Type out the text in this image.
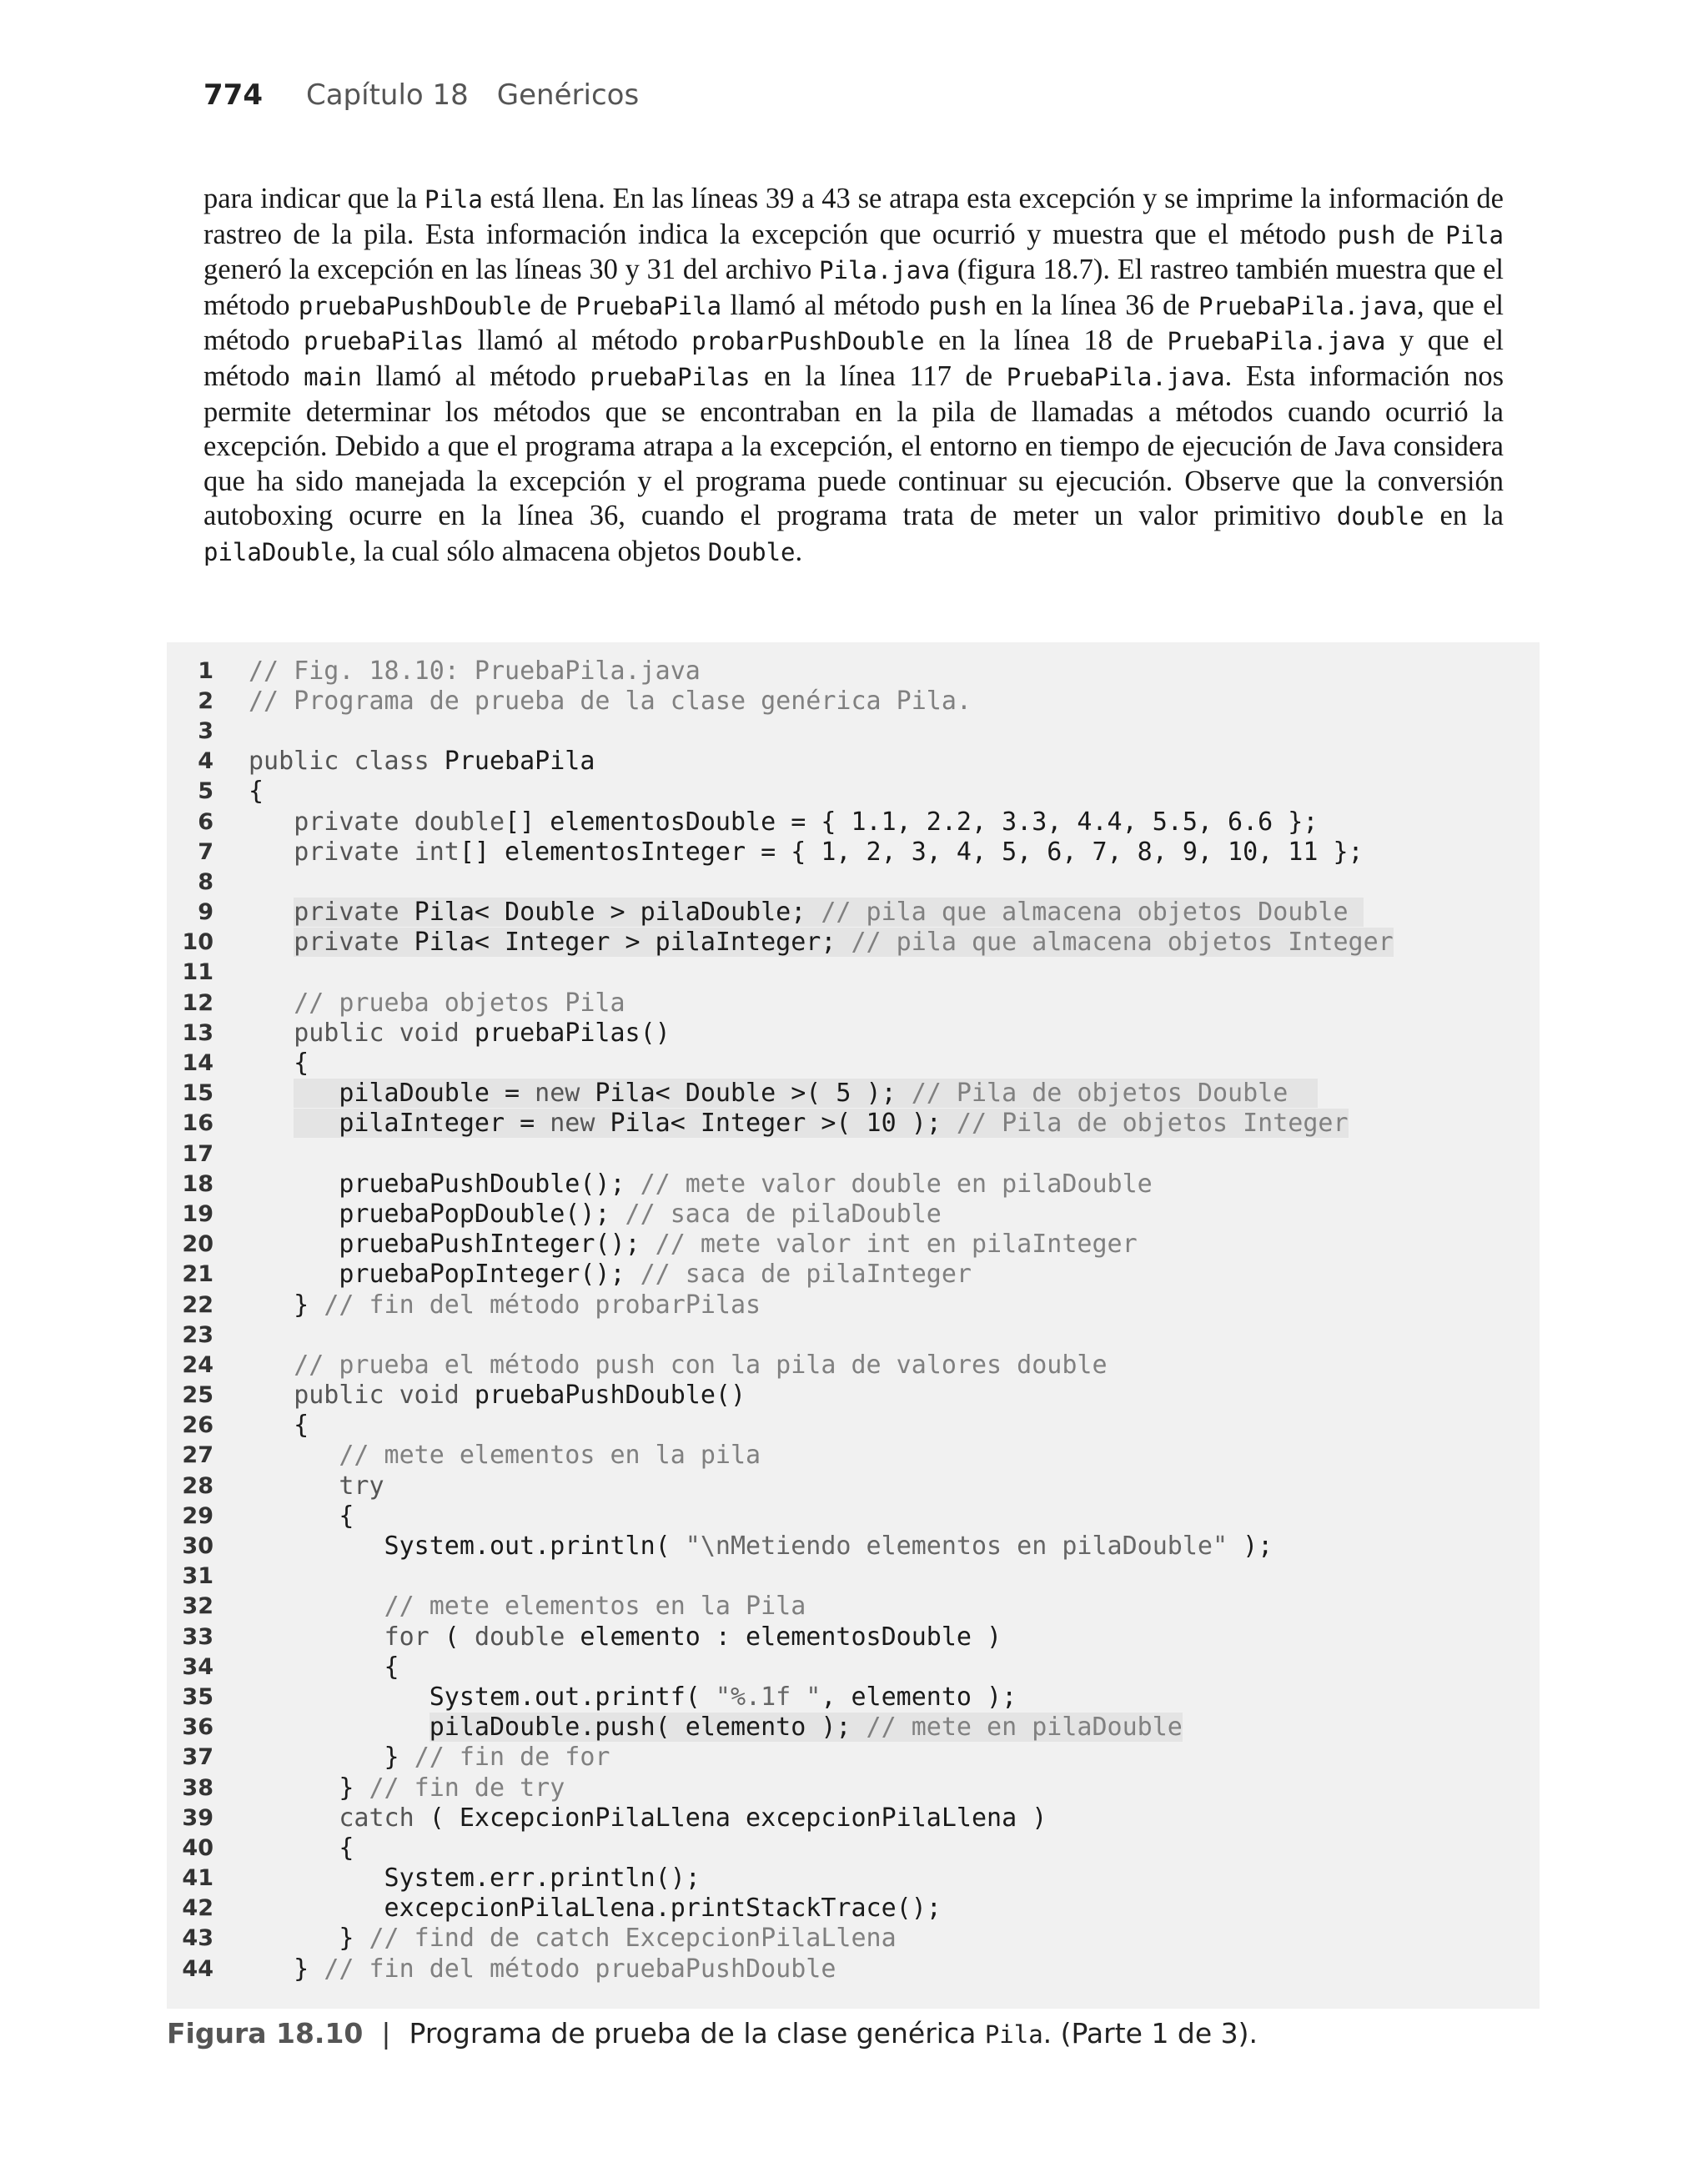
774 Capítulo 18 Genéricos
para indicar que la Pila está llena. En las líneas 39 a 43 se atrapa esta excepción y se imprime la información de rastreo de la pila. Esta información indica la excepción que ocurrió y muestra que el método push de Pila generó la excepción en las líneas 30 y 31 del archivo Pila.java (figura 18.7). El rastreo también muestra que el método pruebaPushDouble de PruebaPila llamó al método push en la línea 36 de PruebaPila.java, que el método pruebaPilas llamó al método probarPushDouble en la línea 18 de PruebaPila.java y que el método main llamó al método pruebaPilas en la línea 117 de PruebaPila.java. Esta información nos permite determinar los métodos que se encontraban en la pila de llamadas a métodos cuando ocurrió la excepción. Debido a que el programa atrapa a la excepción, el entorno en tiempo de ejecución de Java considera que ha sido manejada la excepción y el programa puede continuar su ejecución. Observe que la conversión autoboxing ocurre en la línea 36, cuando el programa trata de meter un valor primitivo double en la pilaDouble, la cual sólo almacena objetos Double.
1 // Fig. 18.10: PruebaPila.java
2 // Programa de prueba de la clase genérica Pila.
3
4 public class PruebaPila
5 {
6	private double[] elementosDouble = { 1.1, 2.2, 3.3, 4.4, 5.5, 6.6 };
7	private int[] elementosInteger = { 1, 2, 3, 4, 5, 6, 7, 8, 9, 10, 11 };
8
9	private Pila< Double > pilaDouble; // pila que almacena objetos Double
10	private Pila< Integer > pilaInteger; // pila que almacena objetos Integer
11
12	// prueba objetos Pila
13	public void pruebaPilas()
14 {
15	pilaDouble = new Pila< Double >( 5 ); // Pila de objetos Double
16	pilaInteger = new Pila< Integer >( 10 ); // Pila de objetos Integer
17
18 pruebaPushDouble(); // mete valor double en pilaDouble
19 pruebaPopDouble(); // saca de pilaDouble
20 pruebaPushInteger(); // mete valor int en pilaInteger
21 pruebaPopInteger(); // saca de pilaInteger
22 } // fin del método probarPilas
23
24	// prueba el método push con la pila de valores double
25	public void pruebaPushDouble()
26 {
27	// mete elementos en la pila
28	try
29 {
30 System.out.println( "\nMetiendo elementos en pilaDouble" );
31
32	// mete elementos en la Pila
33	for ( double elemento : elementosDouble )
34 {
35 System.out.printf( "%.1f ", elemento );
36	pilaDouble.push( elemento ); // mete en pilaDouble
37 } // fin de for
38 } // fin de try
39	catch ( ExcepcionPilaLlena excepcionPilaLlena )
40 {
41 System.err.println();
42 excepcionPilaLlena.printStackTrace();
43 } // find de catch ExcepcionPilaLlena
44 } // fin del método pruebaPushDouble
Figura 18.10 | Programa de prueba de la clase genérica
Pila . (Parte 1 de 3).
